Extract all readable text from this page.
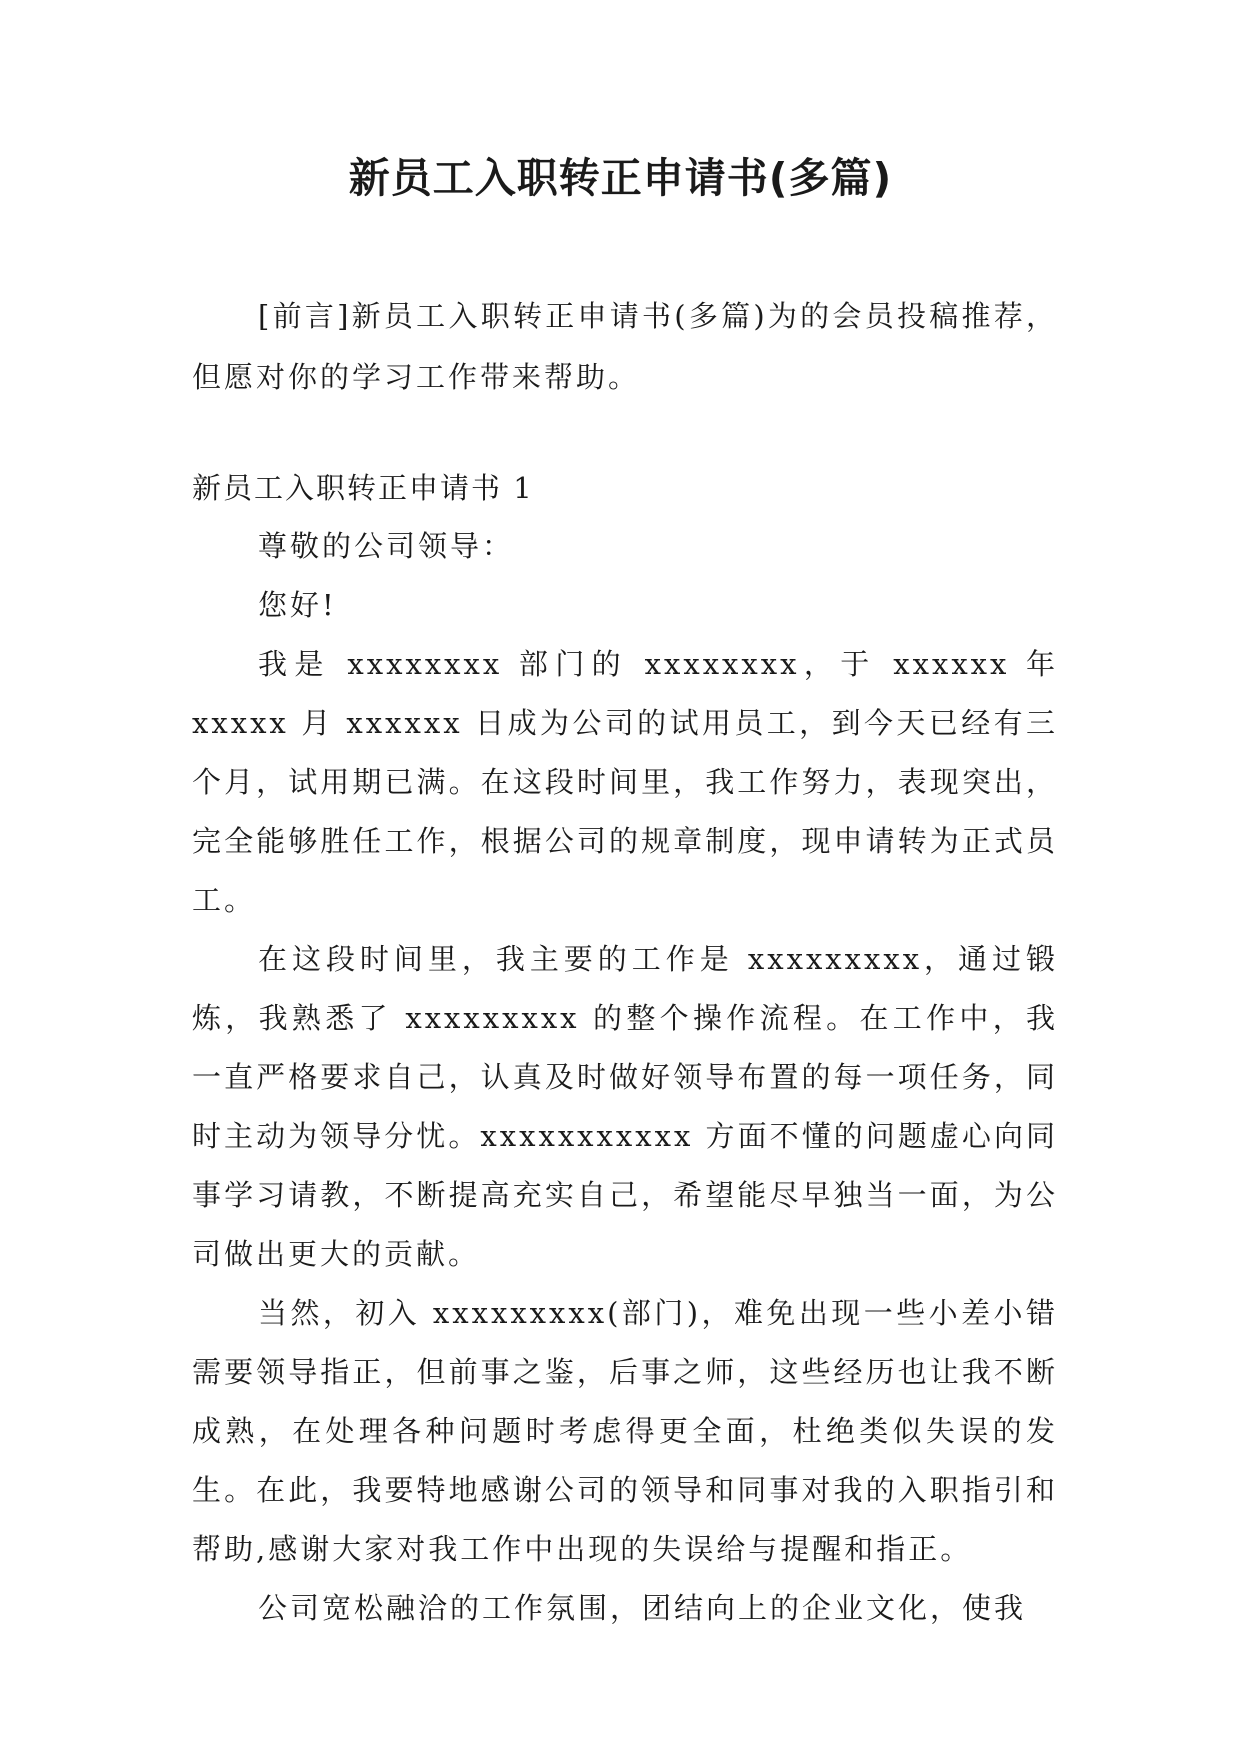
新员工入职转正申请书(多篇)

[前言]新员工入职转正申请书(多篇)为的会员投稿推荐，但愿对你的学习工作带来帮助。

新员工入职转正申请书 1

尊敬的公司领导：

您好!

我是 xxxxxxxx 部门的 xxxxxxxx，于 xxxxxx 年 xxxxx 月 xxxxxx 日成为公司的试用员工，到今天已经有三个月，试用期已满。在这段时间里，我工作努力，表现突出，完全能够胜任工作，根据公司的规章制度，现申请转为正式员工。

在这段时间里，我主要的工作是 xxxxxxxxx，通过锻炼，我熟悉了 xxxxxxxxx 的整个操作流程。在工作中，我一直严格要求自己，认真及时做好领导布置的每一项任务，同时主动为领导分忧。xxxxxxxxxxx 方面不懂的问题虚心向同事学习请教，不断提高充实自己，希望能尽早独当一面，为公司做出更大的贡献。

当然，初入 xxxxxxxxx(部门)，难免出现一些小差小错需要领导指正，但前事之鉴，后事之师，这些经历也让我不断成熟，在处理各种问题时考虑得更全面，杜绝类似失误的发生。在此，我要特地感谢公司的领导和同事对我的入职指引和帮助,感谢大家对我工作中出现的失误给与提醒和指正。

公司宽松融洽的工作氛围，团结向上的企业文化，使我
